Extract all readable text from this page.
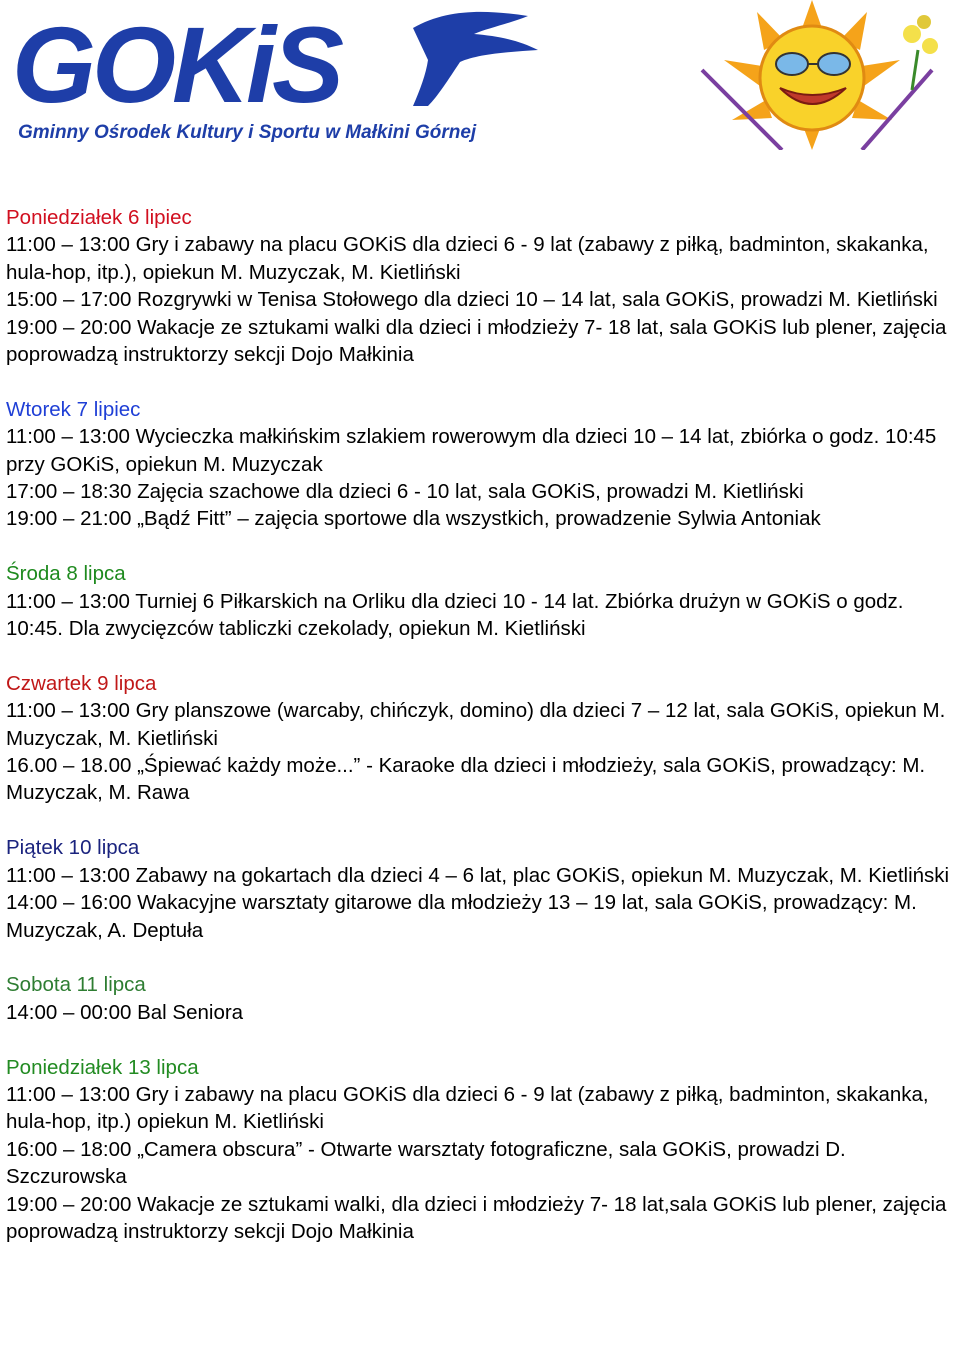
GOKiS
Gminny Ośrodek Kultury i Sportu w Małkini Górnej
Poniedziałek 6 lipiec
11:00 – 13:00 Gry i zabawy na placu GOKiS dla dzieci 6 - 9 lat (zabawy z piłką, badminton, skakanka, hula-hop, itp.), opiekun M. Muzyczak, M. Kietliński
15:00 – 17:00 Rozgrywki w Tenisa Stołowego dla dzieci 10 – 14 lat, sala GOKiS, prowadzi M. Kietliński
19:00 – 20:00 Wakacje ze sztukami walki dla dzieci i młodzieży 7- 18 lat, sala GOKiS lub plener, zajęcia poprowadzą instruktorzy sekcji Dojo Małkinia
Wtorek 7 lipiec
11:00 – 13:00 Wycieczka małkińskim szlakiem rowerowym dla dzieci 10 – 14 lat, zbiórka o godz. 10:45 przy GOKiS, opiekun M. Muzyczak
17:00 – 18:30 Zajęcia szachowe dla dzieci 6 - 10 lat, sala GOKiS, prowadzi M. Kietliński
19:00 – 21:00 „Bądź Fitt” – zajęcia sportowe dla wszystkich, prowadzenie Sylwia Antoniak
Środa 8 lipca
11:00 – 13:00 Turniej 6 Piłkarskich na Orliku dla dzieci 10 - 14 lat. Zbiórka drużyn w GOKiS o godz. 10:45. Dla zwycięzców tabliczki czekolady, opiekun M. Kietliński
Czwartek 9 lipca
11:00 – 13:00 Gry planszowe (warcaby, chińczyk, domino) dla dzieci 7 – 12 lat, sala GOKiS, opiekun M. Muzyczak, M. Kietliński
16.00 – 18.00 „Śpiewać każdy może...” - Karaoke dla dzieci i młodzieży, sala GOKiS, prowadzący: M. Muzyczak, M. Rawa
Piątek 10 lipca
11:00 – 13:00 Zabawy na gokartach dla dzieci 4 – 6 lat, plac GOKiS, opiekun M. Muzyczak, M. Kietliński
14:00 – 16:00 Wakacyjne warsztaty gitarowe dla młodzieży 13 – 19 lat, sala GOKiS, prowadzący: M. Muzyczak, A. Deptuła
Sobota 11 lipca
14:00 – 00:00 Bal Seniora
Poniedziałek 13 lipca
11:00 – 13:00 Gry i zabawy na placu GOKiS dla dzieci 6 - 9 lat (zabawy z piłką, badminton, skakanka, hula-hop, itp.) opiekun M. Kietliński
16:00 – 18:00 „Camera obscura” - Otwarte warsztaty fotograficzne, sala GOKiS, prowadzi D. Szczurowska
19:00 – 20:00 Wakacje ze sztukami walki, dla dzieci i młodzieży 7- 18 lat,sala GOKiS lub plener, zajęcia poprowadzą instruktorzy sekcji Dojo Małkinia
